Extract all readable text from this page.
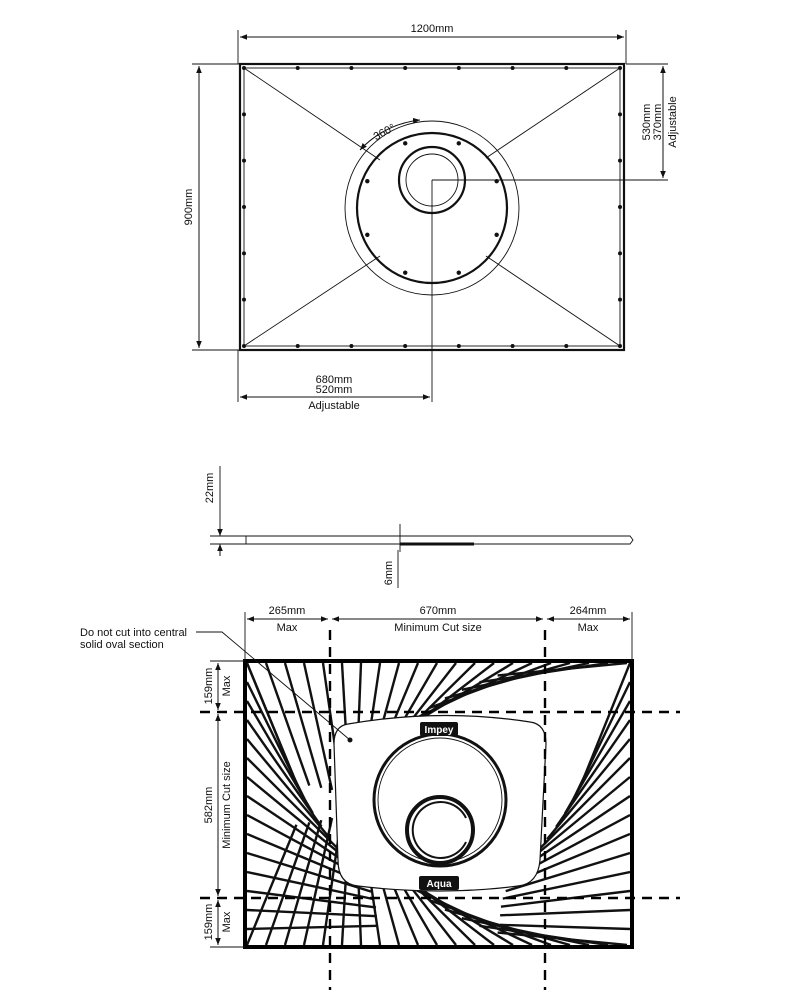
360°
1200mm
900mm
530mm 370mm Adjustable
680mm
520mm
Adjustable
22mm
6mm
Impey
Aqua
265mm
Max
670mm
Minimum Cut size
264mm
Max
159mm Max
582mm Minimum Cut size
159mm Max
Do not cut into central
solid oval section
